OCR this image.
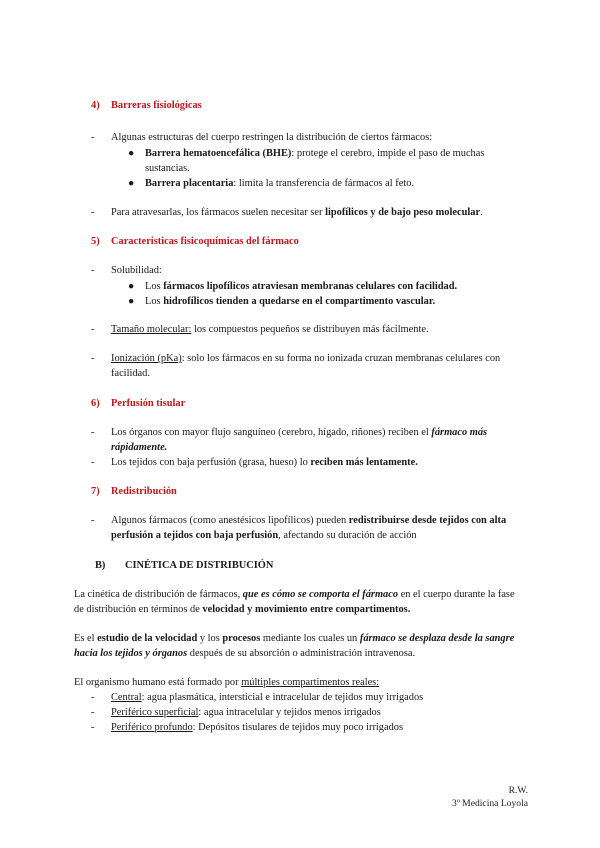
4) Barreras fisiológicas
- Algunas estructuras del cuerpo restringen la distribución de ciertos fármacos:
● Barrera hematoencefálica (BHE): protege el cerebro, impide el paso de muchas sustancias.
● Barrera placentaria: limita la transferencia de fármacos al feto.
- Para atravesarlas, los fármacos suelen necesitar ser lipofílicos y de bajo peso molecular.
5) Características fisicoquímicas del fármaco
- Solubilidad:
● Los fármacos lipofílicos atraviesan membranas celulares con facilidad.
● Los hidrofílicos tienden a quedarse en el compartimento vascular.
- Tamaño molecular: los compuestos pequeños se distribuyen más fácilmente.
- Ionización (pKa): solo los fármacos en su forma no ionizada cruzan membranas celulares con facilidad.
6) Perfusión tisular
- Los órganos con mayor flujo sanguíneo (cerebro, hígado, riñones) reciben el fármaco más rápidamente.
- Los tejidos con baja perfusión (grasa, hueso) lo reciben más lentamente.
7) Redistribución
- Algunos fármacos (como anestésicos lipofílicos) pueden redistribuirse desde tejidos con alta perfusión a tejidos con baja perfusión, afectando su duración de acción
B) CINÉTICA DE DISTRIBUCIÓN
La cinética de distribución de fármacos, que es cómo se comporta el fármaco en el cuerpo durante la fase de distribución en términos de velocidad y movimiento entre compartimentos.
Es el estudio de la velocidad y los procesos mediante los cuales un fármaco se desplaza desde la sangre hacia los tejidos y órganos después de su absorción o administración intravenosa.
El organismo humano está formado por múltiples compartimentos reales:
- Central: agua plasmática, intersticial e intracelular de tejidos muy irrigados
- Periférico superficial: agua intracelular y tejidos menos irrigados
- Periférico profundo: Depósitos tisulares de tejidos muy poco irrigados
R.W.
3º Medicina Loyola
